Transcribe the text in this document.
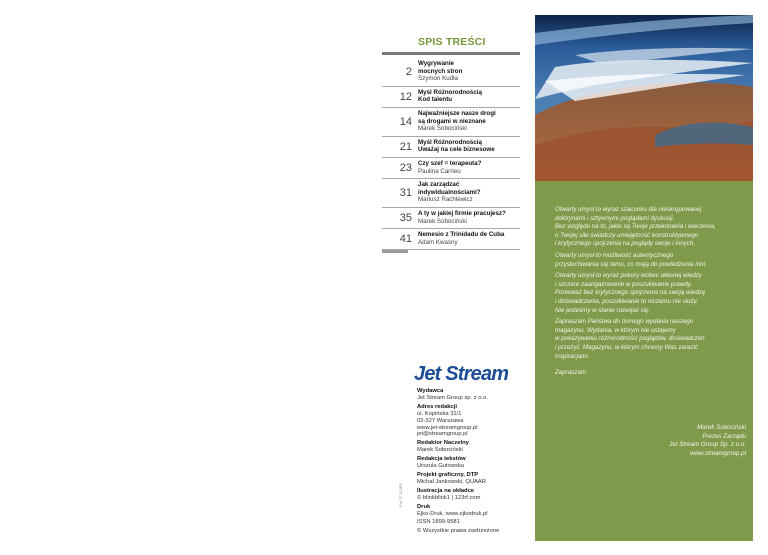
SPIS TREŚCI
2
Wygrywanie
mocnych stron
Szymon Kudła
12 Myśl Różnorodnością
Kod talentu
14
Najważniejsze nasze drogi
są drogami w nieznane
Marek Sobociński
21 Myśl Różnorodnością
Uważaj na cele biznesowe
23 Czy szef = terapeuta?
Paulina Carrieu
31
Jak zarządzać
indywidualnościami?
Mariusz Rachlewicz
35 A ty w jakiej firmie pracujesz?
Marek Sobociński
41 Nemesio z Trinidadu de Cuba
Adam Kwaśny
Jet Stream
Wydawca
Jet Stream Group sp. z o.o.
Adres redakcji
ul. Kopińska 31/1
02-327 Warszawa
www.jet-streamgroup.pl
jet@streamgroup.pl
Redaktor Naczelny
Marek Sobociński
Redakcja tekstów
Urszula Gutowska
Projekt graficzny, DTP
Michał Jankowski, QUAAR
Ilustracja na okładce
© blinkblink1 | 123rf.com
Druk
Ejko-Druk, www.ejkodruk.pl
ISSN 1899-9581
© Wszystkie prawa zastrzeżone
Fot. © 123RF

Otwarty umysł to wyraz szacunku dla nieskrępowanej
doktrynami i sztywnymi poglądami dyskusji.
Bez względu na to, jakie są Twoje przekonania i wierzenia,
o Twojej sile świadczy umiejętność konstruktywnego
i krytycznego spojrzenia na poglądy swoje i innych.

Otwarty umysł to możliwość autentycznego
przysłuchiwania się temu, co mają do powiedzenia inni.

Otwarty umysł to wyraz pokory wobec własnej wiedzy
i szczere zaangażowanie w poszukiwanie prawdy.
Ponieważ bez krytycznego spojrzenia na swoją wiedzę
i doświadczenia, poszukiwanie to niczemu nie służy.
Nie jesteśmy w stanie rozwijać się.

Zapraszam Państwa do ósmego wydania naszego
magazynu. Wydania, w którym nie ustajemy
w pokazywaniu różnorodności poglądów, doświadczeń
i przeżyć. Magazynu, w którym chcemy Was zarazić
inspiracjami.

Zapraszam

Marek Sobociński
Prezes Zarządu
Jet Stream Group Sp. z o.o.
www.streamgroup.pl
